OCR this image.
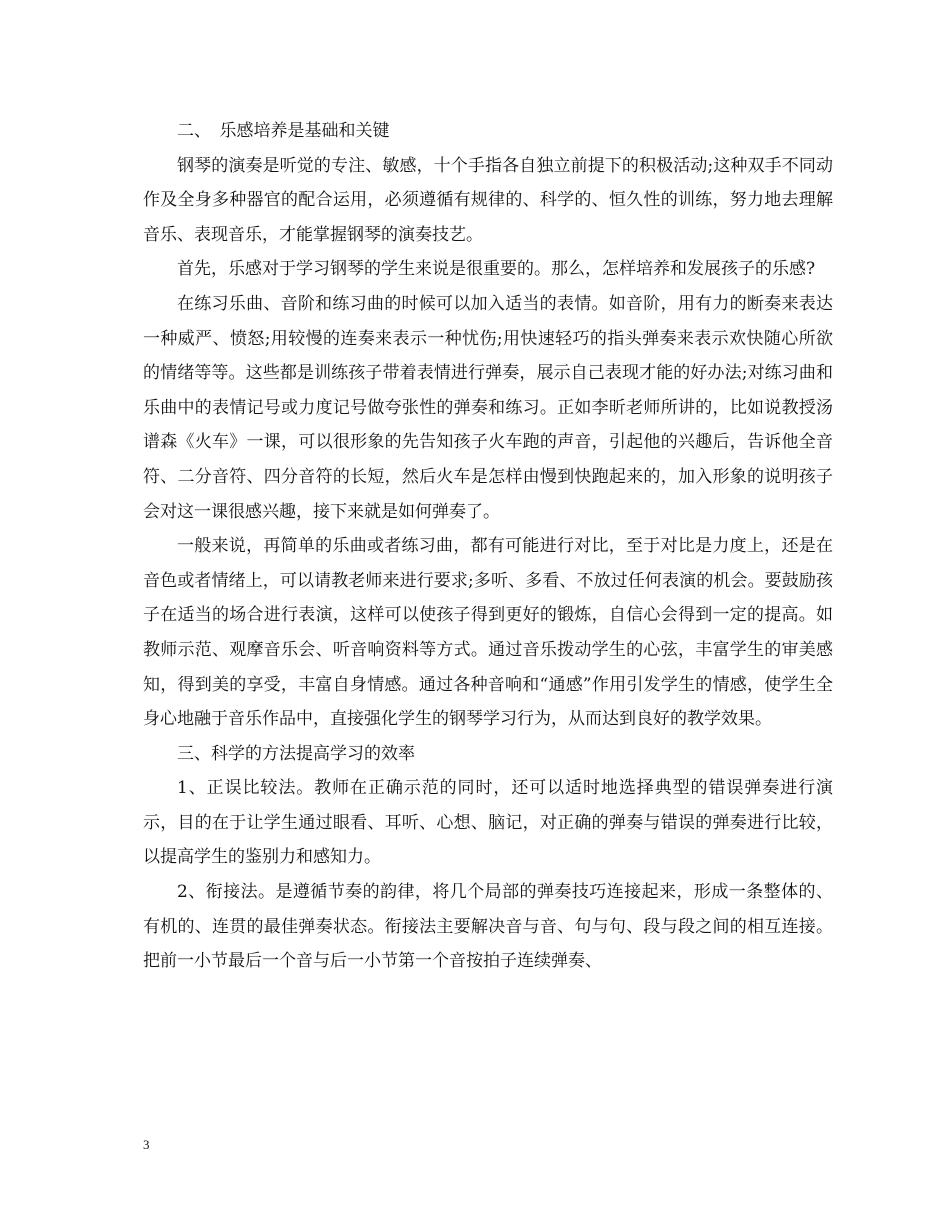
二、　乐感培养是基础和关键

钢琴的演奏是听觉的专注、敏感，十个手指各自独立前提下的积极活动;这种双手不同动作及全身多种器官的配合运用，必须遵循有规律的、科学的、恒久性的训练，努力地去理解音乐、表现音乐，才能掌握钢琴的演奏技艺。

首先，乐感对于学习钢琴的学生来说是很重要的。那么，怎样培养和发展孩子的乐感?

在练习乐曲、音阶和练习曲的时候可以加入适当的表情。如音阶，用有力的断奏来表达一种威严、愤怒;用较慢的连奏来表示一种忧伤;用快速轻巧的指头弹奏来表示欢快随心所欲的情绪等等。这些都是训练孩子带着表情进行弹奏，展示自己表现才能的好办法;对练习曲和乐曲中的表情记号或力度记号做夸张性的弹奏和练习。正如李昕老师所讲的，比如说教授汤谱森《火车》一课，可以很形象的先告知孩子火车跑的声音，引起他的兴趣后，告诉他全音符、二分音符、四分音符的长短，然后火车是怎样由慢到快跑起来的，加入形象的说明孩子会对这一课很感兴趣，接下来就是如何弹奏了。

一般来说，再简单的乐曲或者练习曲，都有可能进行对比，至于对比是力度上，还是在音色或者情绪上，可以请教老师来进行要求;多听、多看、不放过任何表演的机会。要鼓励孩子在适当的场合进行表演，这样可以使孩子得到更好的锻炼，自信心会得到一定的提高。如教师示范、观摩音乐会、听音响资料等方式。通过音乐拨动学生的心弦，丰富学生的审美感知，得到美的享受，丰富自身情感。通过各种音响和“通感”作用引发学生的情感，使学生全身心地融于音乐作品中，直接强化学生的钢琴学习行为，从而达到良好的教学效果。

三、科学的方法提高学习的效率

1、正误比较法。教师在正确示范的同时，还可以适时地选择典型的错误弹奏进行演示，目的在于让学生通过眼看、耳听、心想、脑记，对正确的弹奏与错误的弹奏进行比较，以提高学生的鉴别力和感知力。

2、衔接法。是遵循节奏的韵律，将几个局部的弹奏技巧连接起来，形成一条整体的、有机的、连贯的最佳弹奏状态。衔接法主要解决音与音、句与句、段与段之间的相互连接。把前一小节最后一个音与后一小节第一个音按拍子连续弹奏、

3
